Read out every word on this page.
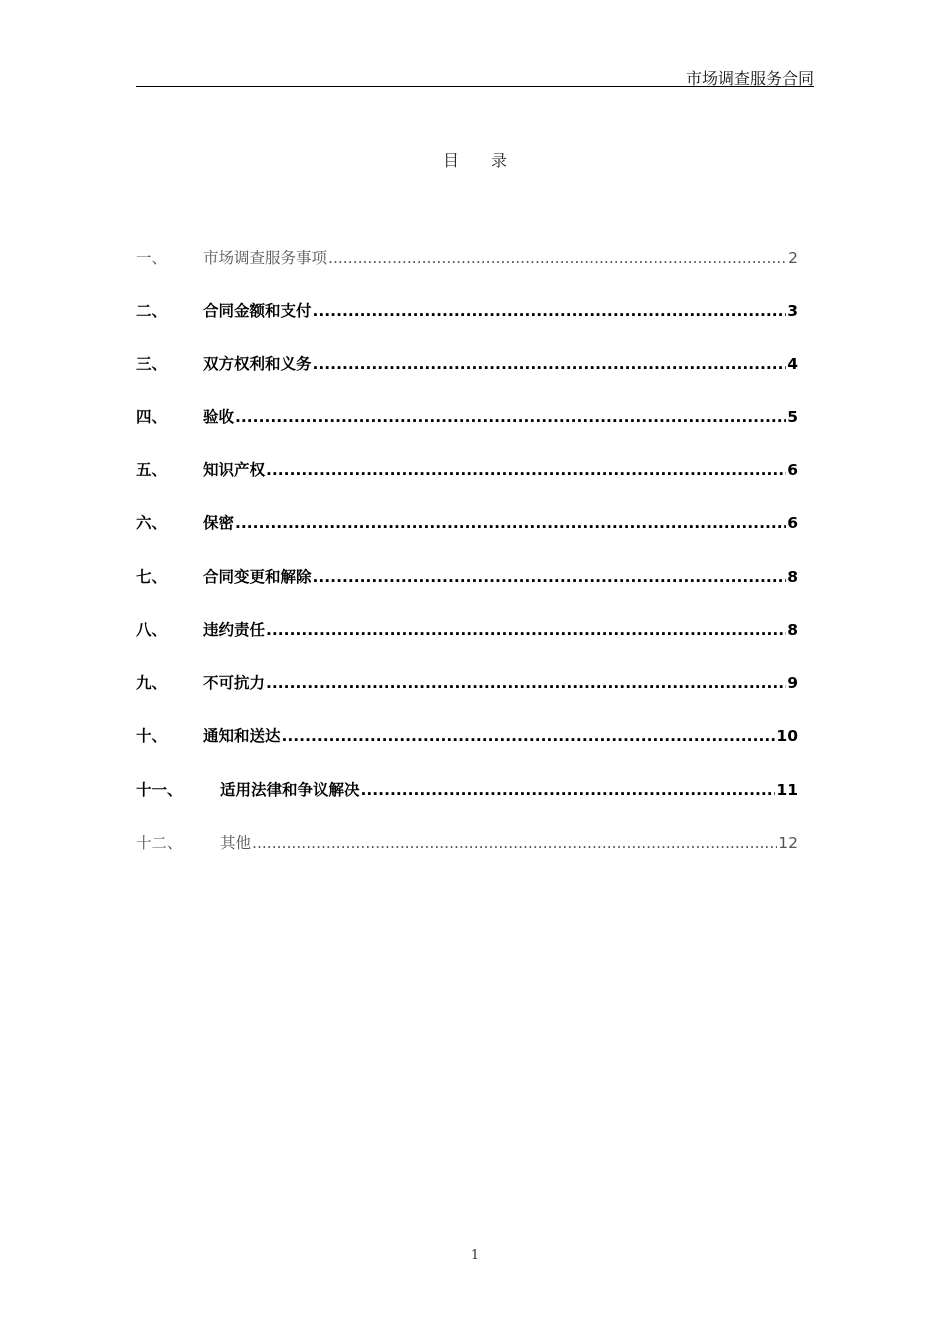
市场调查服务合同
目 录
一、	市场调查服务事项 .....	2
二、	合同金额和支付 .....	3
三、	双方权利和义务 .....	4
四、	验收 .....	5
五、	知识产权 .....	6
六、	保密 .....	6
七、	合同变更和解除 .....	8
八、	违约责任 .....	8
九、	不可抗力 .....	9
十、	通知和送达 .....	10
十一、	适用法律和争议解决 .....	11
十二、	其他 .....	12
1
